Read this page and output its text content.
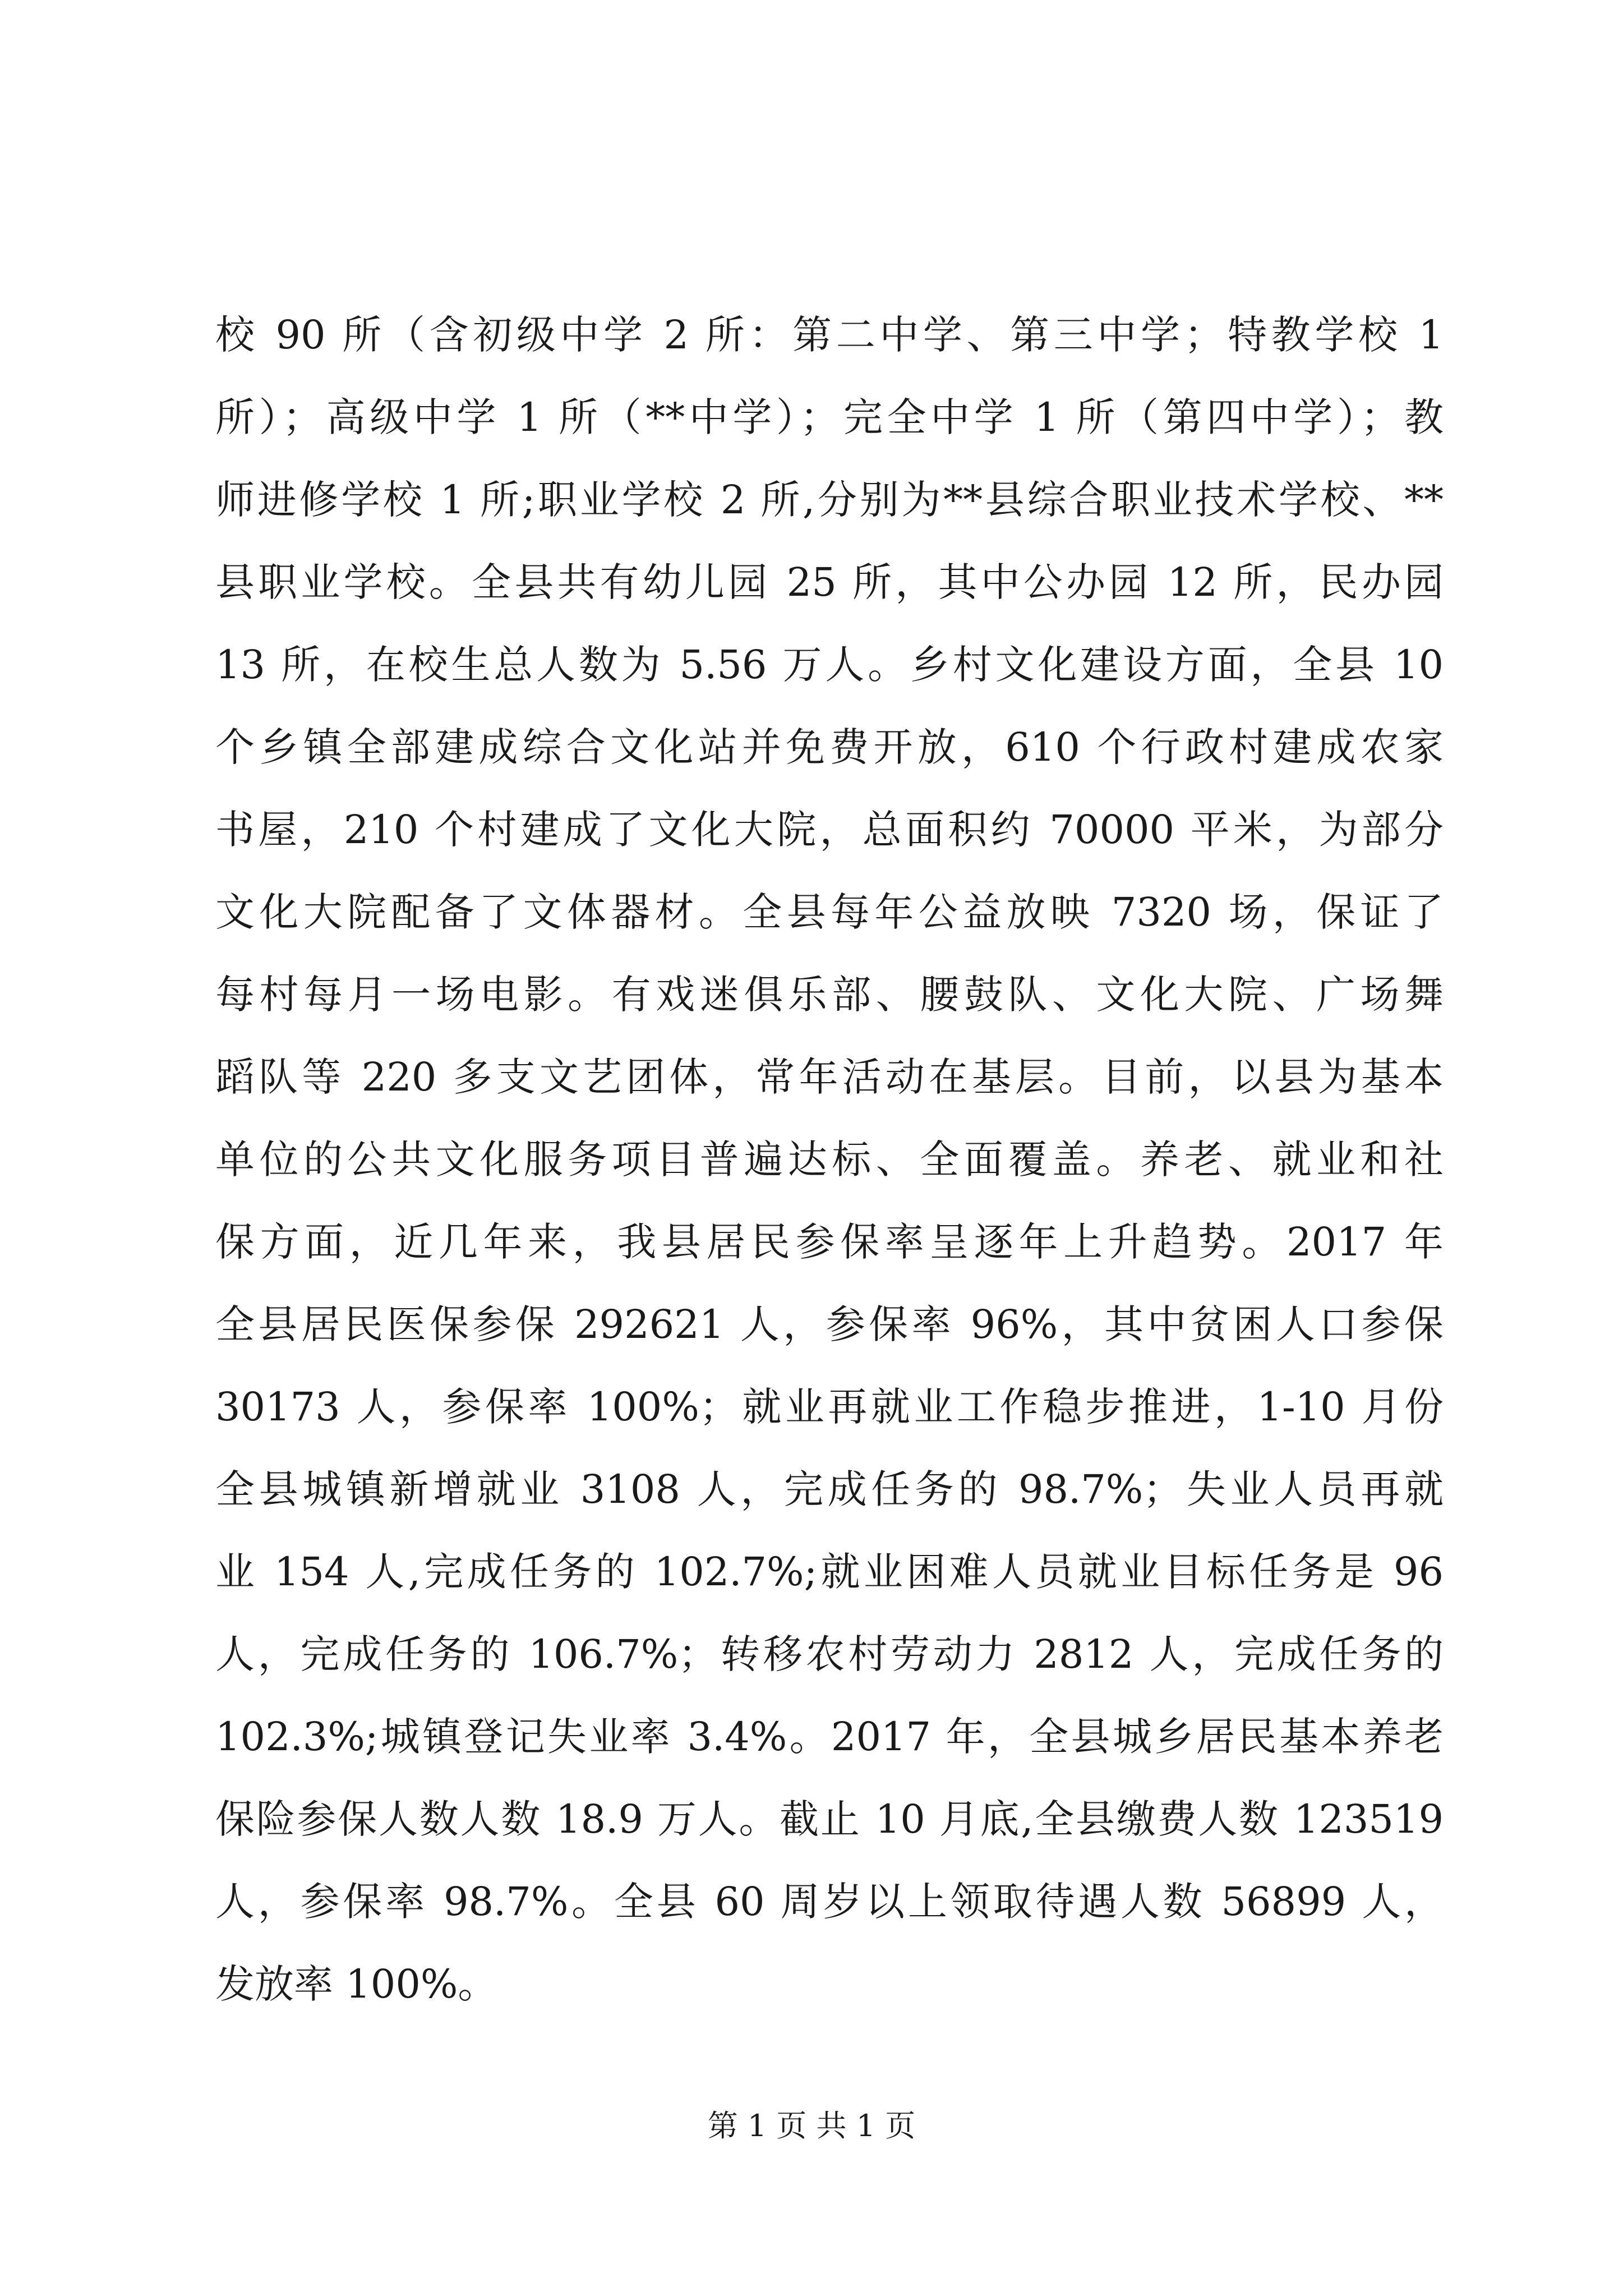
校 90 所（含初级中学 2 所：第二中学、第三中学；特教学校 1
所）；高级中学 1 所（**中学）；完全中学 1 所（第四中学）；教
师进修学校 1 所;职业学校 2 所,分别为**县综合职业技术学校、**
县职业学校。全县共有幼儿园 25 所，其中公办园 12 所，民办园
13 所，在校生总人数为 5.56 万人。乡村文化建设方面，全县 10
个乡镇全部建成综合文化站并免费开放，610 个行政村建成农家
书屋，210 个村建成了文化大院，总面积约 70000 平米，为部分
文化大院配备了文体器材。全县每年公益放映 7320 场，保证了
每村每月一场电影。有戏迷俱乐部、腰鼓队、文化大院、广场舞
蹈队等 220 多支文艺团体，常年活动在基层。目前，以县为基本
单位的公共文化服务项目普遍达标、全面覆盖。养老、就业和社
保方面，近几年来，我县居民参保率呈逐年上升趋势。2017 年
全县居民医保参保 292621 人，参保率 96%，其中贫困人口参保
30173 人，参保率 100%；就业再就业工作稳步推进，1-10 月份
全县城镇新增就业 3108 人，完成任务的 98.7%；失业人员再就
业 154 人,完成任务的 102.7%;就业困难人员就业目标任务是 96
人，完成任务的 106.7%；转移农村劳动力 2812 人，完成任务的
102.3%;城镇登记失业率 3.4%。2017 年，全县城乡居民基本养老
保险参保人数人数 18.9 万人。截止 10 月底,全县缴费人数 123519
人，参保率 98.7%。全县 60 周岁以上领取待遇人数 56899 人，
发放率 100%。
第 1 页 共 1 页
